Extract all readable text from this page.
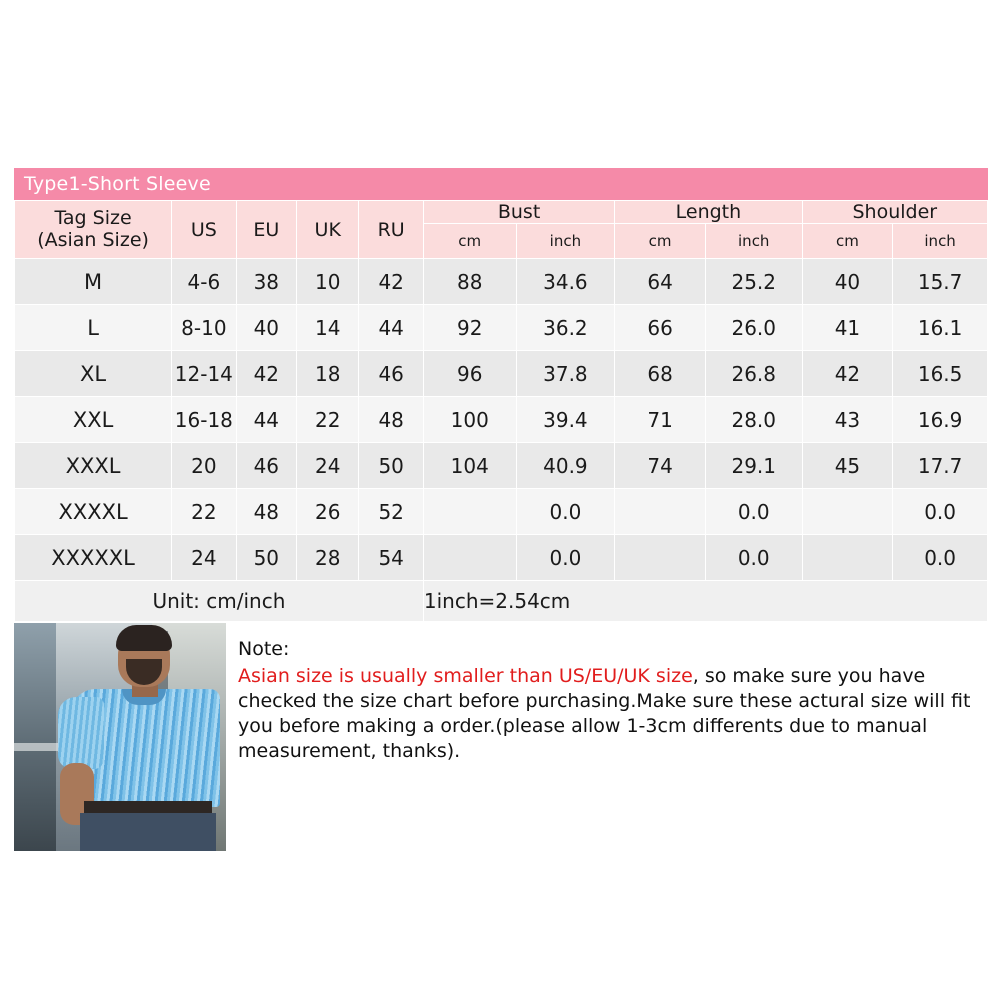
Type1-Short Sleeve
Tag Size
(Asian Size)	US	EU	UK	RU	Bust		Length		Shoulder	
					cm	inch	cm	inch	cm	inch
M	4-6	38	10	42	88	34.6	64	25.2	40	15.7
L	8-10	40	14	44	92	36.2	66	26.0	41	16.1
XL	12-14	42	18	46	96	37.8	68	26.8	42	16.5
XXL	16-18	44	22	48	100	39.4	71	28.0	43	16.9
XXXL	20	46	24	50	104	40.9	74	29.1	45	17.7
XXXXL	22	48	26	52		0.0		0.0		0.0
XXXXXL	24	50	28	54		0.0		0.0		0.0
Unit: cm/inch					1inch=2.54cm					
Note:
Asian size is usually smaller than US/EU/UK size, so make sure you have checked the size chart before purchasing.Make sure these actural size will fit you before making a order.(please allow 1-3cm differents due to manual measurement, thanks).
